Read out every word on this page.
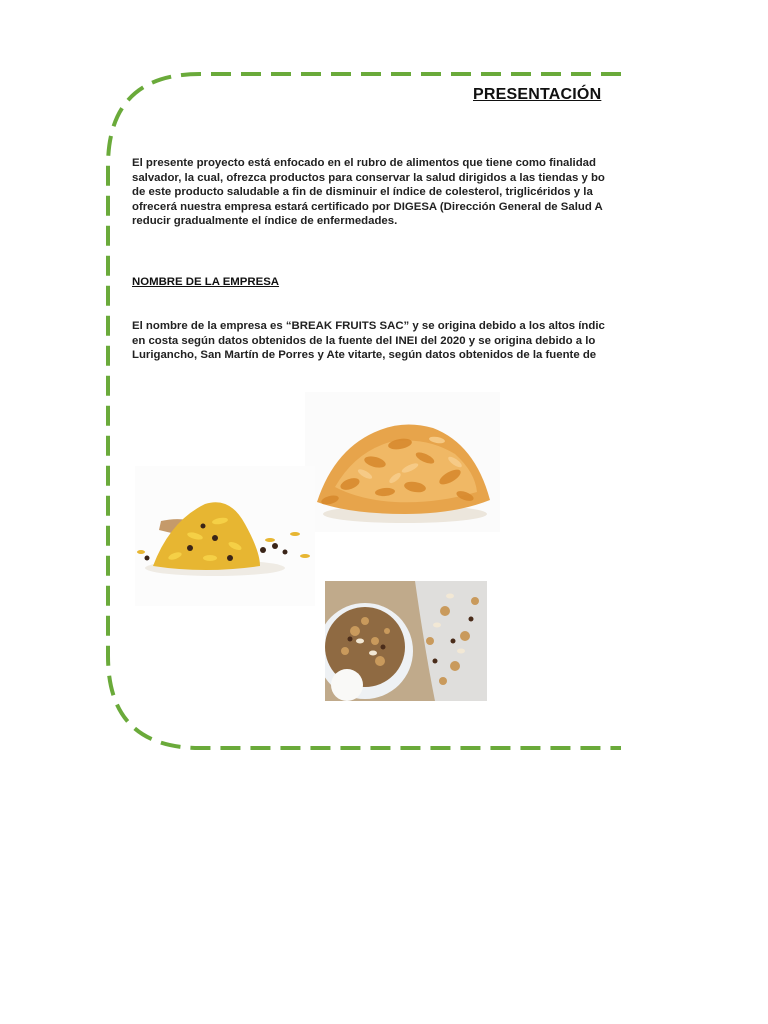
PRESENTACIÓN
El presente proyecto está enfocado en el rubro de alimentos que tiene como finalidad
salvador, la cual, ofrezca productos para conservar la salud dirigidos a las tiendas y bo
de este producto saludable a fin de disminuir el índice de colesterol, triglicéridos y la
ofrecerá nuestra empresa estará certificado por DIGESA (Dirección General de Salud A
reducir gradualmente el índice de enfermedades.
NOMBRE DE LA EMPRESA
El nombre de la empresa es “BREAK FRUITS SAC” y se origina debido a los altos índic
en costa según datos obtenidos de la fuente del INEI del 2020 y se origina debido a lo
Lurigancho, San Martín de Porres y Ate vitarte, según datos obtenidos de la fuente de
